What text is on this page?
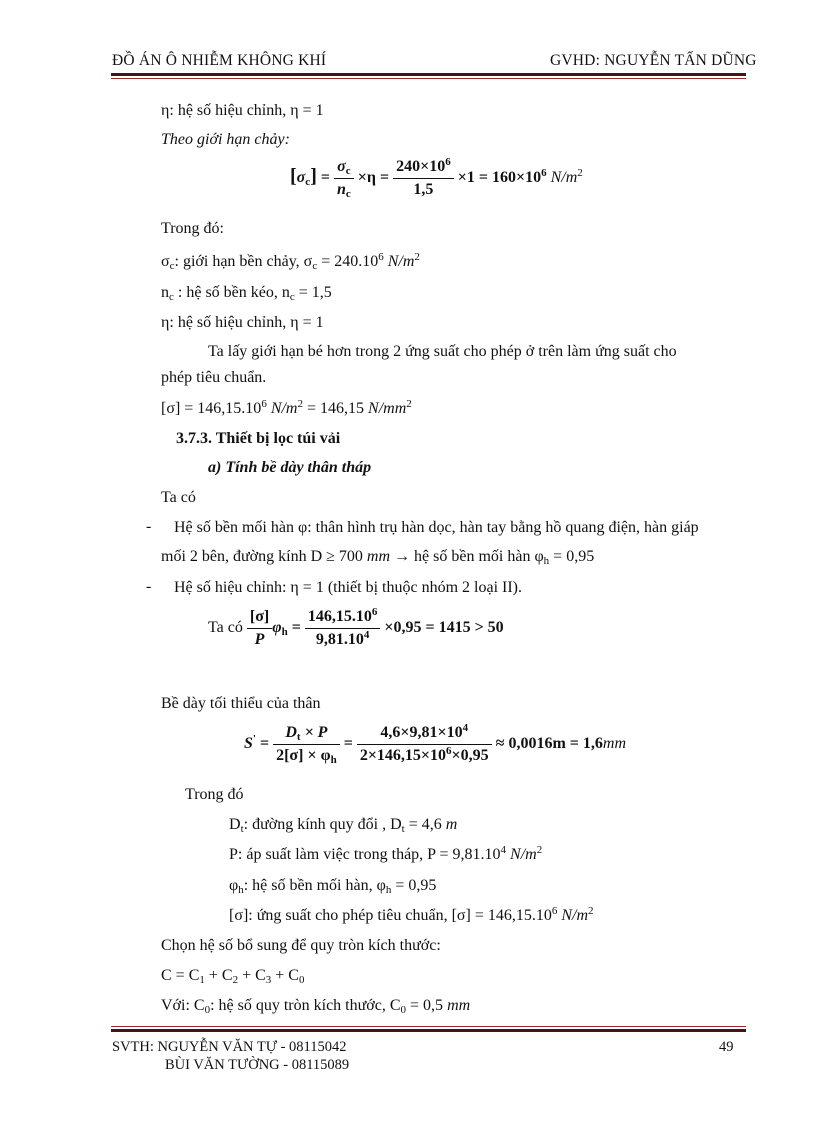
ĐỒ ÁN Ô NHIỄM KHÔNG KHÍ	GVHD: NGUYỄN TẤN DŨNG
η: hệ số hiệu chỉnh, η = 1
Theo giới hạn chảy:
$[\sigma_c] = \frac{\sigma_c}{n_c} \times\eta = \frac{240\times 10^6}{1,5} \times 1 = 160\times 10^6$ $N/m^2$
Trong đó:
$\sigma_c$: giới hạn bền chảy, $\sigma_c = 240.10^6$ $N/m^2$
$n_c$ : hệ số bền kéo, $n_c = 1,5$
η: hệ số hiệu chỉnh, η = 1
Ta lấy giới hạn bé hơn trong 2 ứng suất cho phép ở trên làm ứng suất cho
phép tiêu chuẩn.
$[\sigma] = 146,15.10^6$ $N/m^2 = 146,15$ $N/mm^2$
3.7.3. Thiết bị lọc túi vải
a) Tính bề dày thân tháp
Ta có
- Hệ số bền mối hàn φ: thân hình trụ hàn dọc, hàn tay bằng hồ quang điện, hàn giáp
mối 2 bên, đường kính D ≥ 700 mm → hệ số bền mối hàn $\varphi_h = 0,95$
- Hệ số hiệu chỉnh: η = 1 (thiết bị thuộc nhóm 2 loại II).
Ta có $\frac{[\sigma]}{P} \varphi_h = \frac{146,15.10^6}{9,81.10^4} \times 0,95 = 1415 > 50$
Bề dày tối thiểu của thân
$S' = \frac{D_t \times P}{2[\sigma] \times \varphi_h} = \frac{4,6\times 9,81\times 10^4}{2\times 146,15\times 10^6\times 0,95} \approx 0,0016m = 1,6mm$
Trong đó
$D_t$: đường kính quy đổi , $D_t = 4,6$ m
P: áp suất làm việc trong tháp, $P = 9,81.10^4$ $N/m^2$
$\varphi_h$: hệ số bền mối hàn, $\varphi_h = 0,95$
[σ]: ứng suất cho phép tiêu chuẩn, $[\sigma] = 146,15.10^6$ $N/m^2$
Chọn hệ số bổ sung để quy tròn kích thước:
$C = C_1 + C_2 + C_3 + C_0$
Với: $C_0$: hệ số quy tròn kích thước, $C_0 = 0,5$ mm
SVTH: NGUYỄN VĂN TỰ - 08115042
BÙI VĂN TƯỜNG - 08115089
49
